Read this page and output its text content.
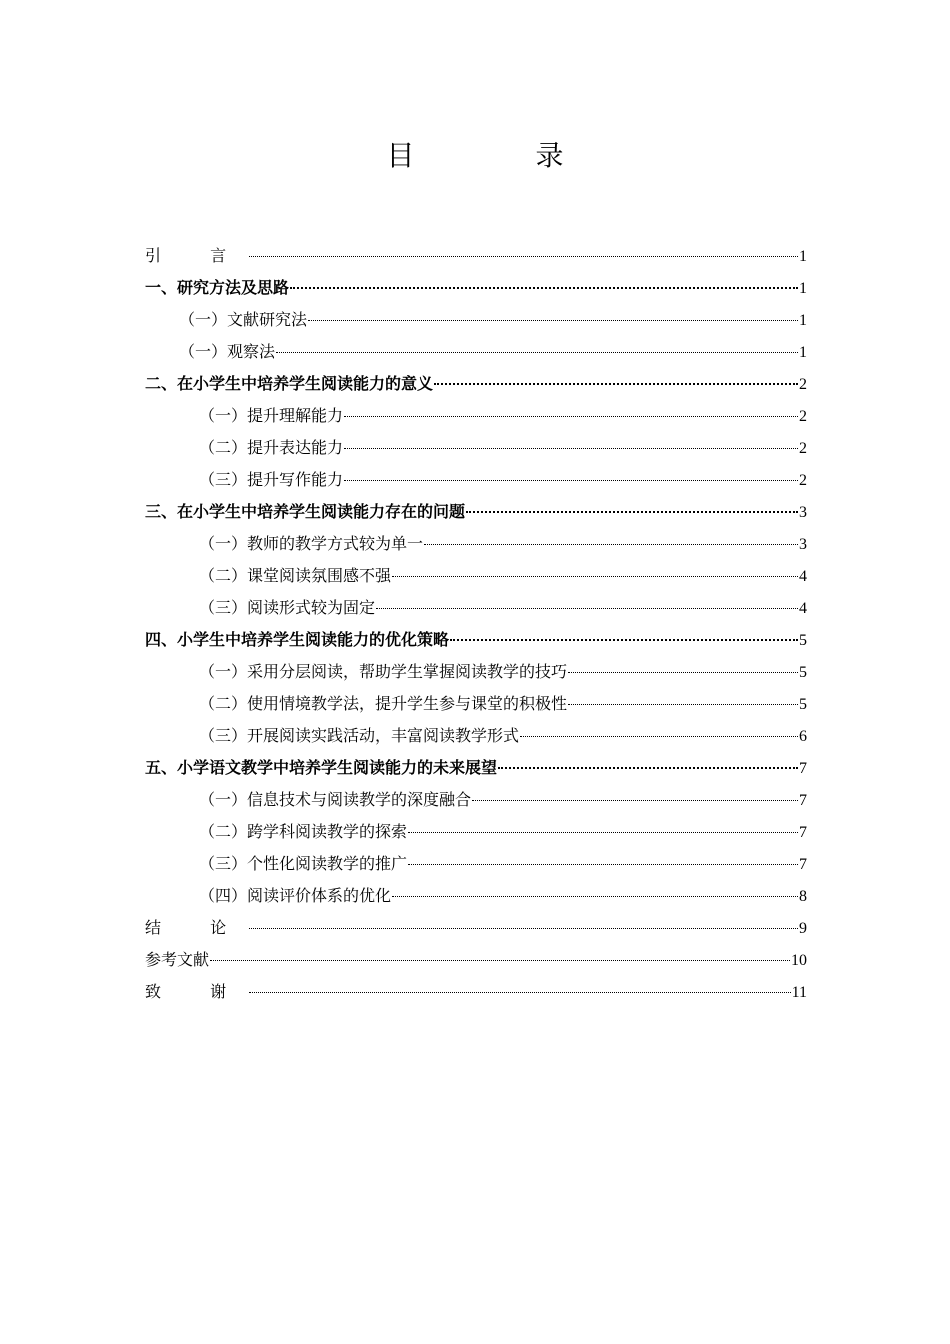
目 录
引 言	1
一、研究方法及思路	1
（一）文献研究法	1
（一）观察法	1
二、在小学生中培养学生阅读能力的意义	2
（一）提升理解能力	2
（二）提升表达能力	2
（三）提升写作能力	2
三、在小学生中培养学生阅读能力存在的问题	3
（一）教师的教学方式较为单一	3
（二）课堂阅读氛围感不强	4
（三）阅读形式较为固定	4
四、小学生中培养学生阅读能力的优化策略	5
（一）采用分层阅读，帮助学生掌握阅读教学的技巧	5
（二）使用情境教学法，提升学生参与课堂的积极性	5
（三）开展阅读实践活动，丰富阅读教学形式	6
五、小学语文教学中培养学生阅读能力的未来展望	7
（一）信息技术与阅读教学的深度融合	7
（二）跨学科阅读教学的探索	7
（三）个性化阅读教学的推广	7
（四）阅读评价体系的优化	8
结 论	9
参考文献	10
致 谢	11
